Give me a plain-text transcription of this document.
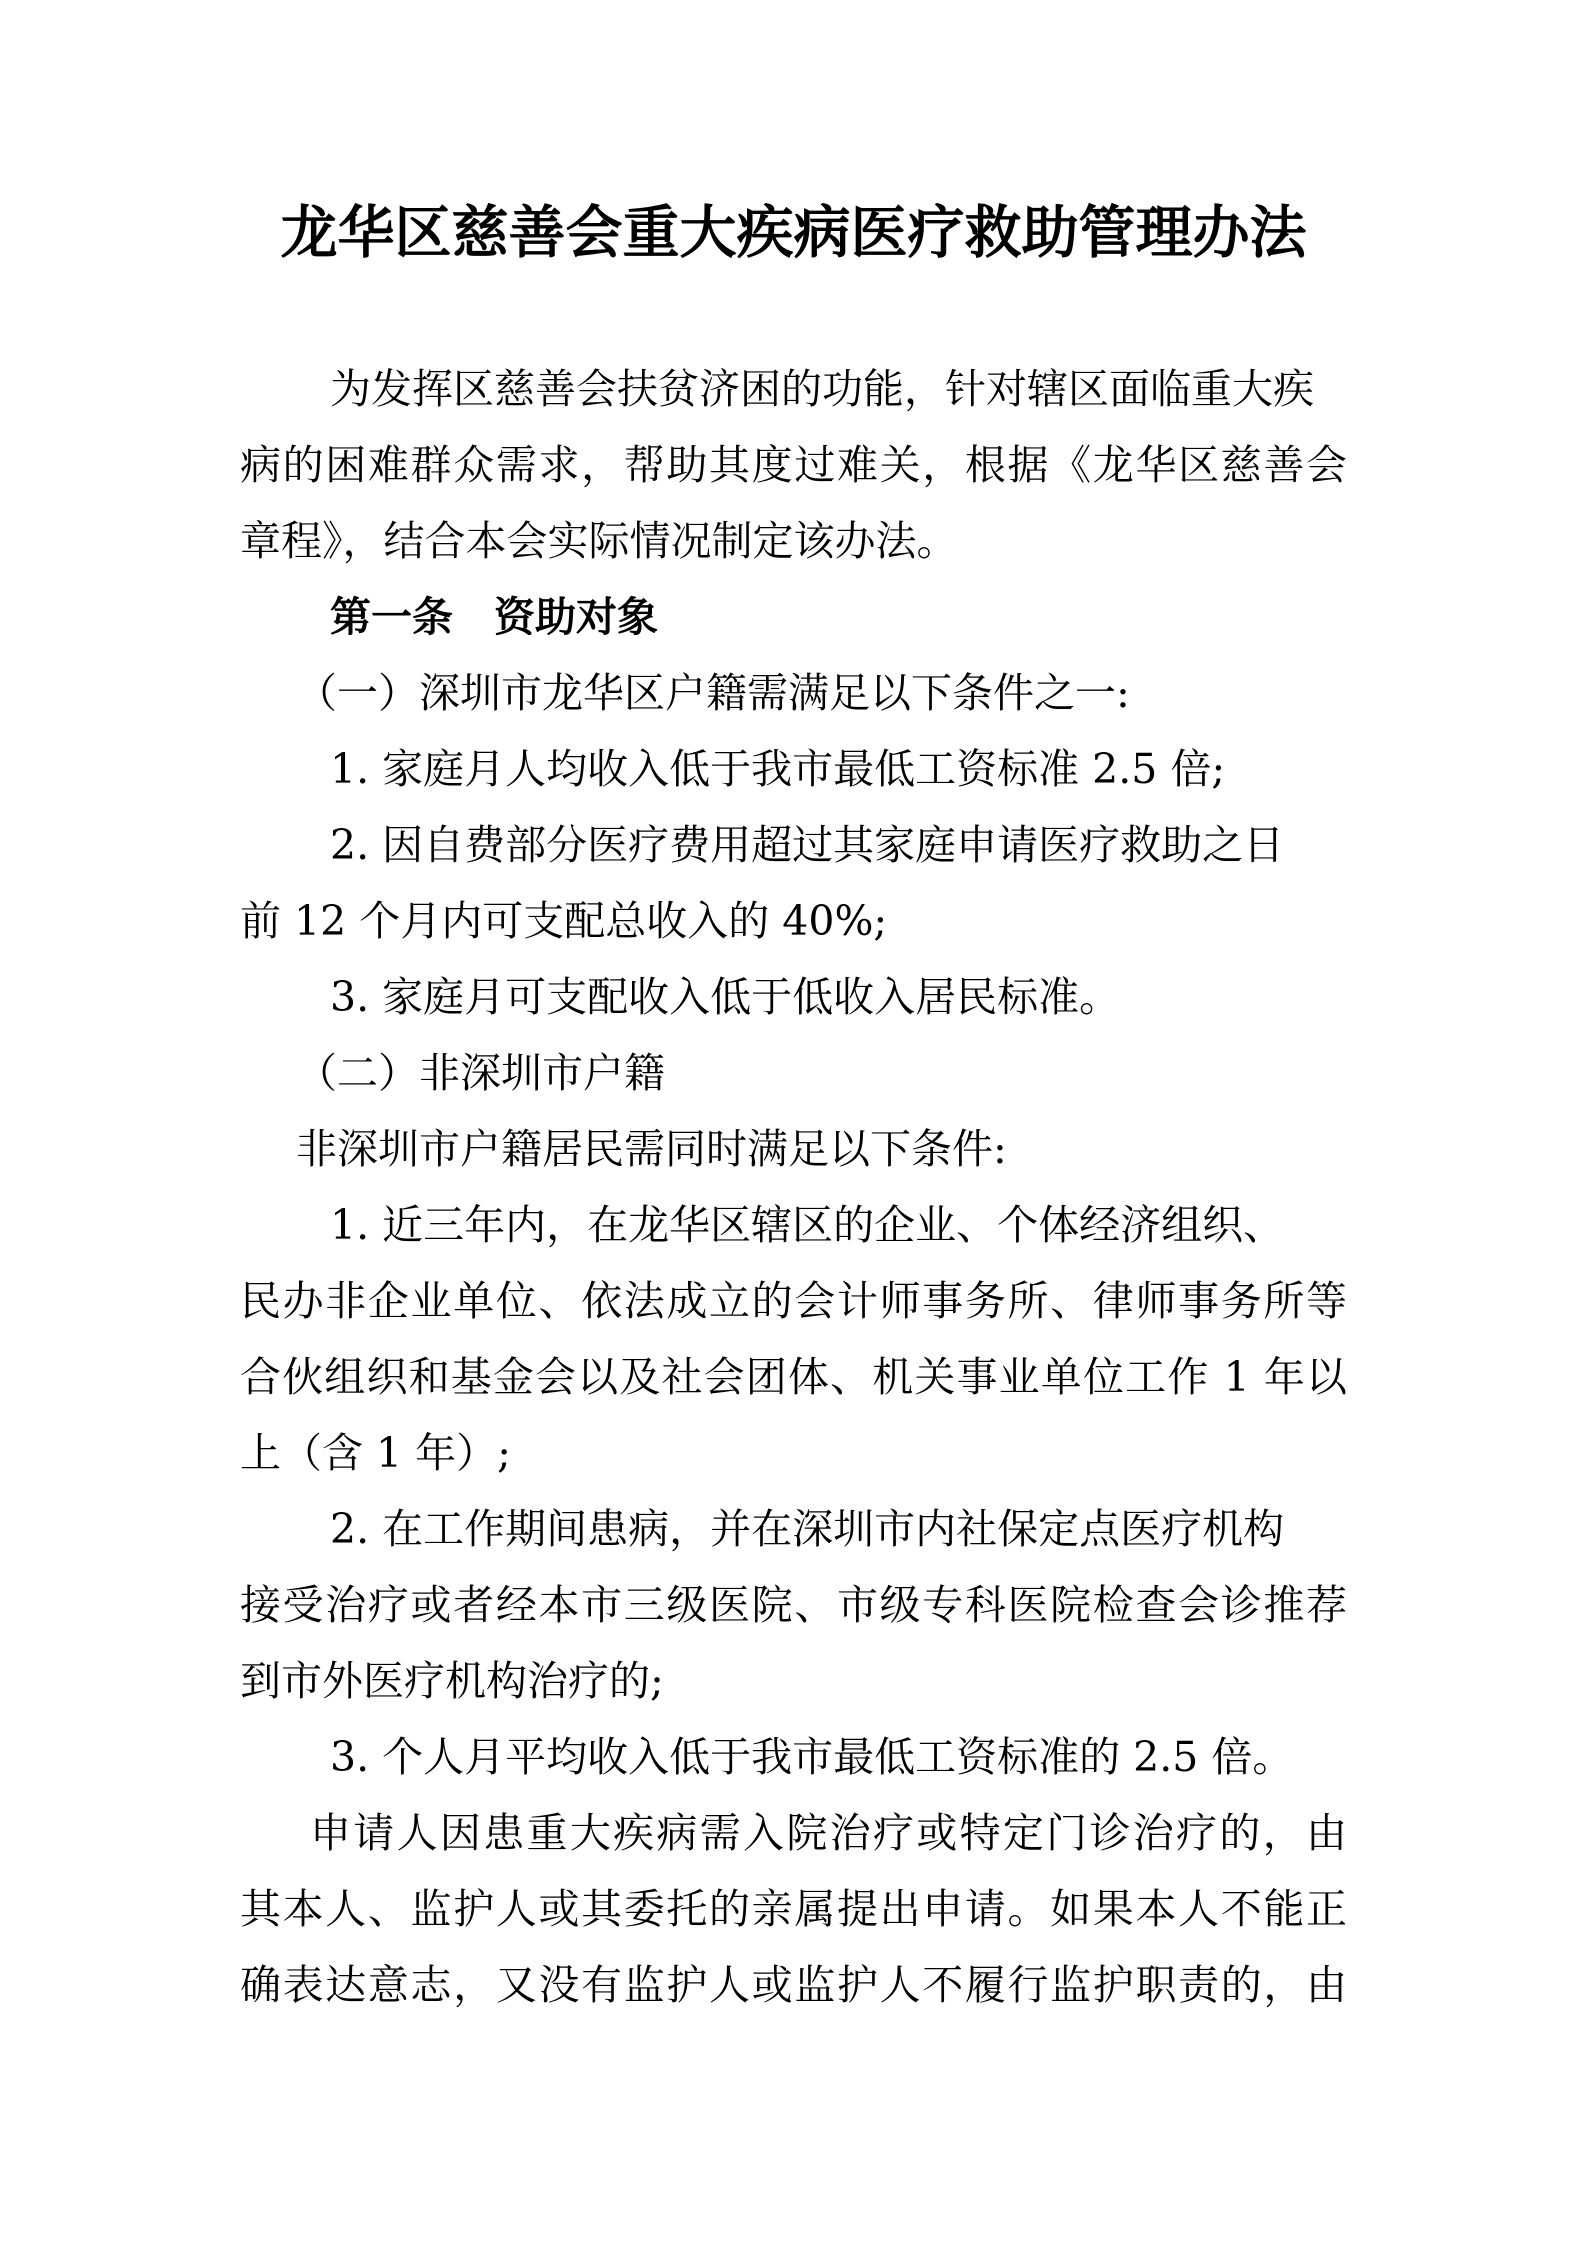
龙华区慈善会重大疾病医疗救助管理办法
为发挥区慈善会扶贫济困的功能，针对辖区面临重大疾
病的困难群众需求，帮助其度过难关，根据《龙华区慈善会
章程》，结合本会实际情况制定该办法。
第一条　资助对象
（一）深圳市龙华区户籍需满足以下条件之一:
1. 家庭月人均收入低于我市最低工资标准 2.5 倍;
2. 因自费部分医疗费用超过其家庭申请医疗救助之日
前 12 个月内可支配总收入的 40%;
3. 家庭月可支配收入低于低收入居民标准。
（二）非深圳市户籍
非深圳市户籍居民需同时满足以下条件:
1. 近三年内，在龙华区辖区的企业、个体经济组织、
民办非企业单位、依法成立的会计师事务所、律师事务所等
合伙组织和基金会以及社会团体、机关事业单位工作 1 年以
上（含 1 年）;
2. 在工作期间患病，并在深圳市内社保定点医疗机构
接受治疗或者经本市三级医院、市级专科医院检查会诊推荐
到市外医疗机构治疗的;
3. 个人月平均收入低于我市最低工资标准的 2.5 倍。
申请人因患重大疾病需入院治疗或特定门诊治疗的，由
其本人、监护人或其委托的亲属提出申请。如果本人不能正
确表达意志，又没有监护人或监护人不履行监护职责的，由
